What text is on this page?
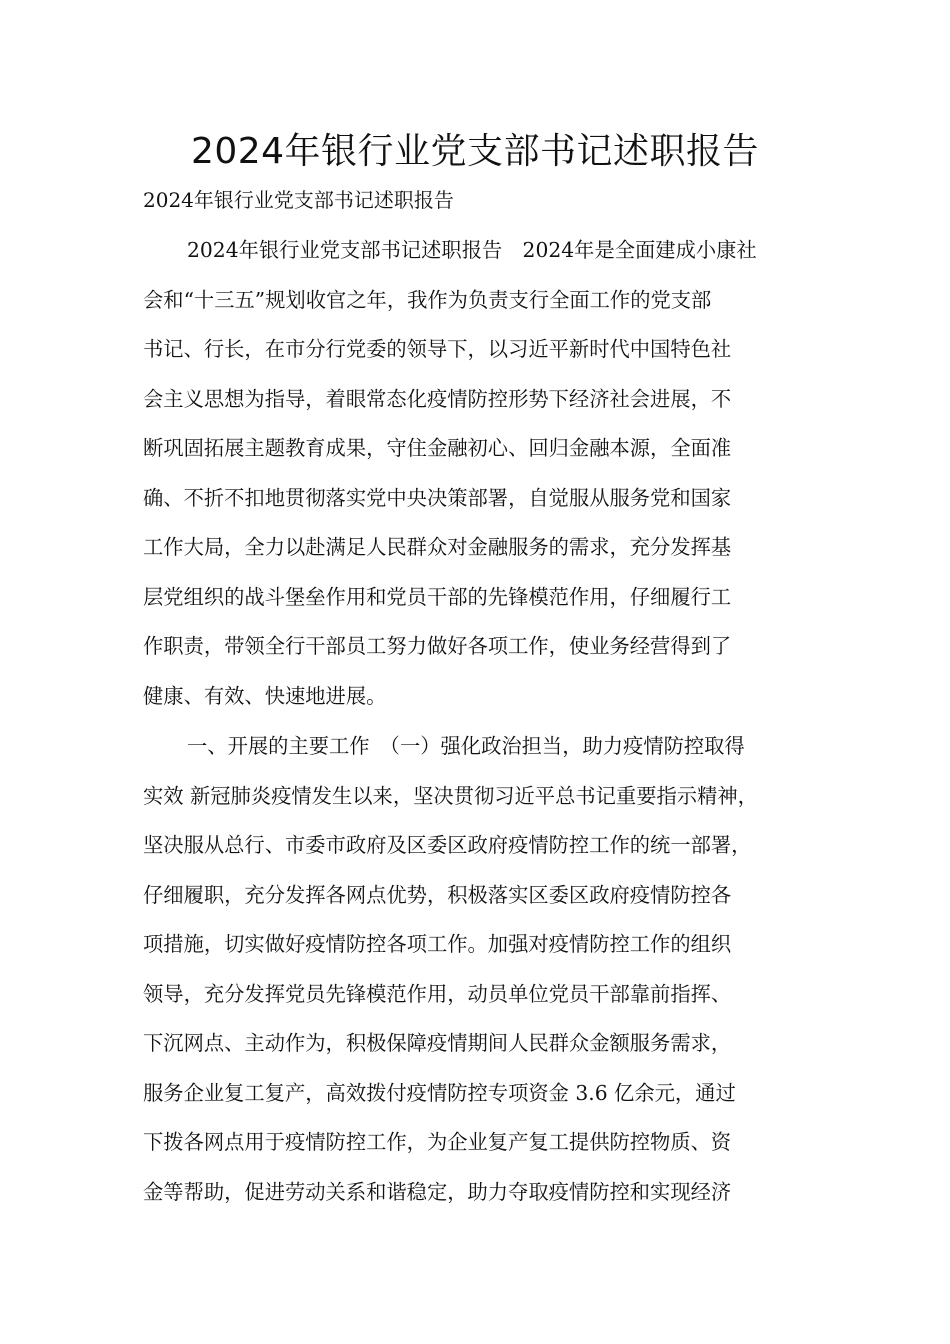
2024年银行业党支部书记述职报告

2024年银行业党支部书记述职报告

2024年银行业党支部书记述职报告　2024年是全面建成小康社
会和“十三五”规划收官之年，我作为负责支行全面工作的党支部
书记、行长，在市分行党委的领导下，以习近平新时代中国特色社
会主义思想为指导，着眼常态化疫情防控形势下经济社会进展，不
断巩固拓展主题教育成果，守住金融初心、回归金融本源，全面准
确、不折不扣地贯彻落实党中央决策部署，自觉服从服务党和国家
工作大局，全力以赴满足人民群众对金融服务的需求，充分发挥基
层党组织的战斗堡垒作用和党员干部的先锋模范作用，仔细履行工
作职责，带领全行干部员工努力做好各项工作，使业务经营得到了
健康、有效、快速地进展。
一、开展的主要工作　（一）强化政治担当，助力疫情防控取得
实效 新冠肺炎疫情发生以来，坚决贯彻习近平总书记重要指示精神，
坚决服从总行、市委市政府及区委区政府疫情防控工作的统一部署，
仔细履职，充分发挥各网点优势，积极落实区委区政府疫情防控各
项措施，切实做好疫情防控各项工作。加强对疫情防控工作的组织
领导，充分发挥党员先锋模范作用，动员单位党员干部靠前指挥、
下沉网点、主动作为，积极保障疫情期间人民群众金额服务需求，
服务企业复工复产，高效拨付疫情防控专项资金 3.6 亿余元，通过
下拨各网点用于疫情防控工作，为企业复产复工提供防控物质、资
金等帮助，促进劳动关系和谐稳定，助力夺取疫情防控和实现经济
